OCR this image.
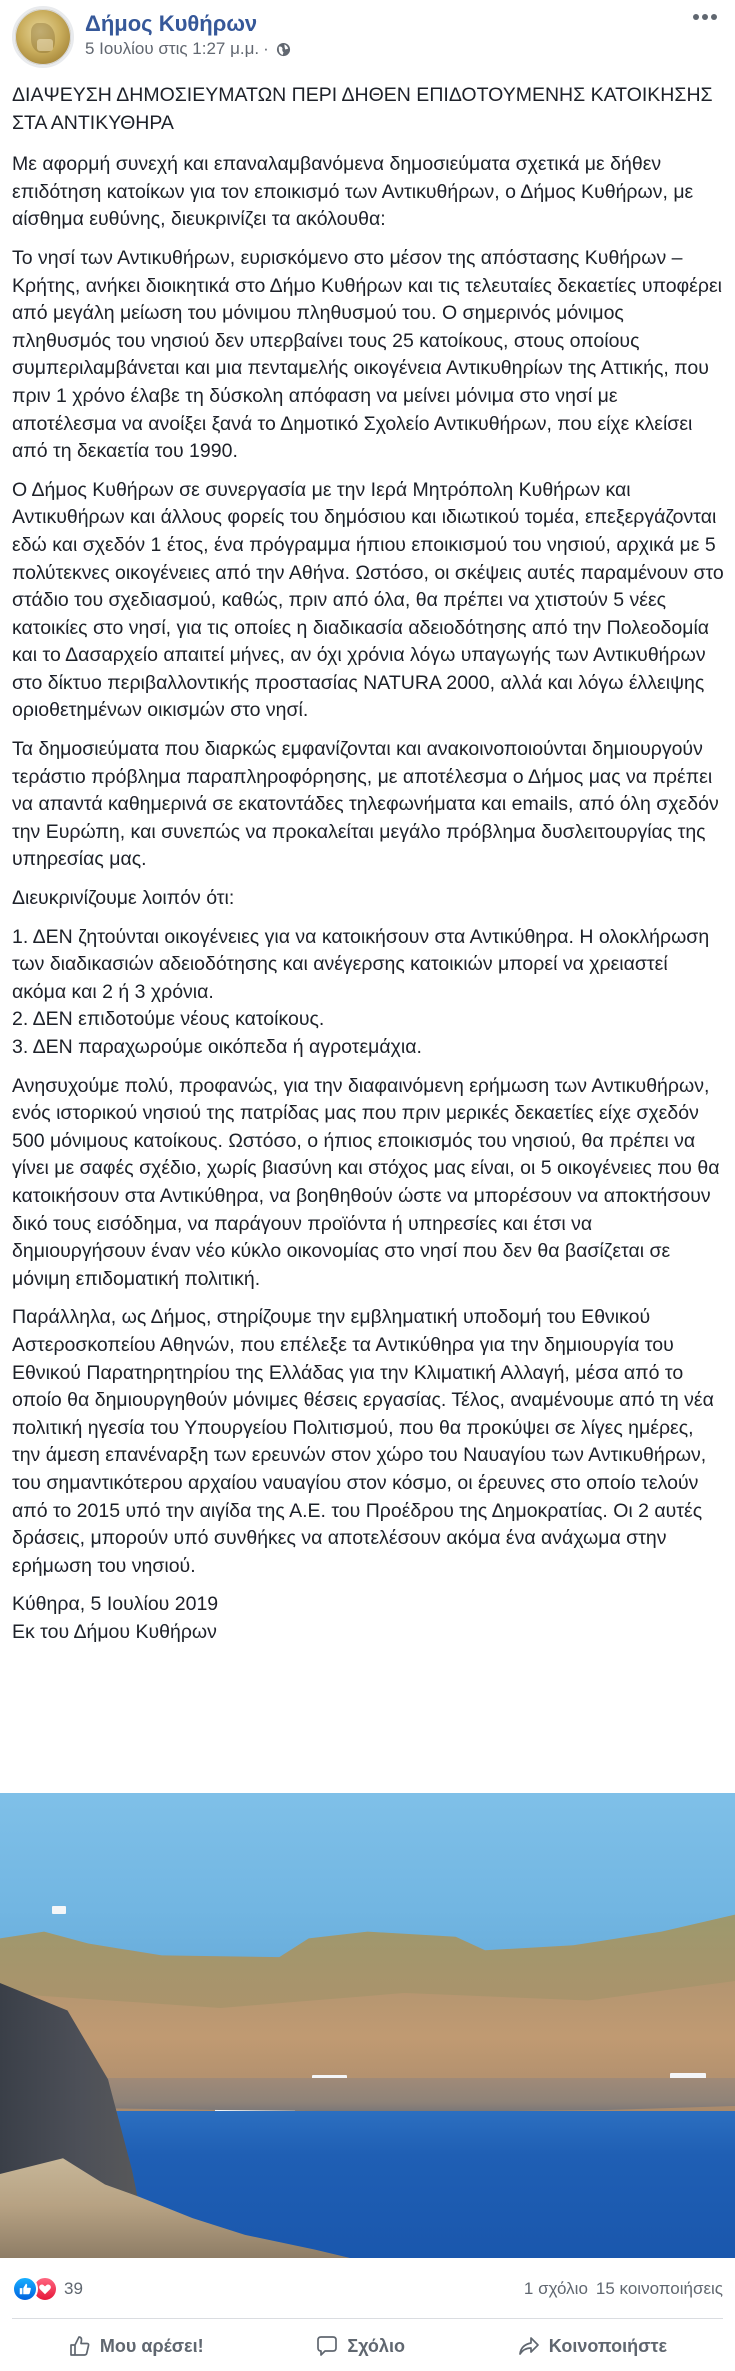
Δήμος Κυθήρων
5 Ιουλίου στις 1:27 μ.μ. ·

ΔΙΑΨΕΥΣΗ ΔΗΜΟΣΙΕΥΜΑΤΩΝ ΠΕΡΙ ΔΗΘΕΝ ΕΠΙΔΟΤΟΥΜΕΝΗΣ ΚΑΤΟΙΚΗΣΗΣ ΣΤΑ ΑΝΤΙΚΥΘΗΡΑ

Με αφορμή συνεχή και επαναλαμβανόμενα δημοσιεύματα σχετικά με δήθεν επιδότηση κατοίκων για τον εποικισμό των Αντικυθήρων, ο Δήμος Κυθήρων, με αίσθημα ευθύνης, διευκρινίζει τα ακόλουθα:

Το νησί των Αντικυθήρων, ευρισκόμενο στο μέσον της απόστασης Κυθήρων – Κρήτης, ανήκει διοικητικά στο Δήμο Κυθήρων και τις τελευταίες δεκαετίες υποφέρει από μεγάλη μείωση του μόνιμου πληθυσμού του. Ο σημερινός μόνιμος πληθυσμός του νησιού δεν υπερβαίνει τους 25 κατοίκους, στους οποίους συμπεριλαμβάνεται και μια πενταμελής οικογένεια Αντικυθηρίων της Αττικής, που πριν 1 χρόνο έλαβε τη δύσκολη απόφαση να μείνει μόνιμα στο νησί με αποτέλεσμα να ανοίξει ξανά το Δημοτικό Σχολείο Αντικυθήρων, που είχε κλείσει από τη δεκαετία του 1990.

Ο Δήμος Κυθήρων σε συνεργασία με την Ιερά Μητρόπολη Κυθήρων και Αντικυθήρων και άλλους φορείς του δημόσιου και ιδιωτικού τομέα, επεξεργάζονται εδώ και σχεδόν 1 έτος, ένα πρόγραμμα ήπιου εποικισμού του νησιού, αρχικά με 5 πολύτεκνες οικογένειες από την Αθήνα. Ωστόσο, οι σκέψεις αυτές παραμένουν στο στάδιο του σχεδιασμού, καθώς, πριν από όλα, θα πρέπει να χτιστούν 5 νέες κατοικίες στο νησί, για τις οποίες η διαδικασία αδειοδότησης από την Πολεοδομία και το Δασαρχείο απαιτεί μήνες, αν όχι χρόνια λόγω υπαγωγής των Αντικυθήρων στο δίκτυο περιβαλλοντικής προστασίας NATURA 2000, αλλά και λόγω έλλειψης οριοθετημένων οικισμών στο νησί.

Τα δημοσιεύματα που διαρκώς εμφανίζονται και ανακοινοποιούνται δημιουργούν τεράστιο πρόβλημα παραπληροφόρησης, με αποτέλεσμα ο Δήμος μας να πρέπει να απαντά καθημερινά σε εκατοντάδες τηλεφωνήματα και emails, από όλη σχεδόν την Ευρώπη, και συνεπώς να προκαλείται μεγάλο πρόβλημα δυσλειτουργίας της υπηρεσίας μας.

Διευκρινίζουμε λοιπόν ότι:

1. ΔΕΝ ζητούνται οικογένειες για να κατοικήσουν στα Αντικύθηρα. Η ολοκλήρωση των διαδικασιών αδειοδότησης και ανέγερσης κατοικιών μπορεί να χρειαστεί ακόμα και 2 ή 3 χρόνια.

2. ΔΕΝ επιδοτούμε νέους κατοίκους.

3. ΔΕΝ παραχωρούμε οικόπεδα ή αγροτεμάχια.

Ανησυχούμε πολύ, προφανώς, για την διαφαινόμενη ερήμωση των Αντικυθήρων, ενός ιστορικού νησιού της πατρίδας μας που πριν μερικές δεκαετίες είχε σχεδόν 500 μόνιμους κατοίκους. Ωστόσο, ο ήπιος εποικισμός του νησιού, θα πρέπει να γίνει με σαφές σχέδιο, χωρίς βιασύνη και στόχος μας είναι, οι 5 οικογένειες που θα κατοικήσουν στα Αντικύθηρα, να βοηθηθούν ώστε να μπορέσουν να αποκτήσουν δικό τους εισόδημα, να παράγουν προϊόντα ή υπηρεσίες και έτσι να δημιουργήσουν έναν νέο κύκλο οικονομίας στο νησί που δεν θα βασίζεται σε μόνιμη επιδοματική πολιτική.

Παράλληλα, ως Δήμος, στηρίζουμε την εμβληματική υποδομή του Εθνικού Αστεροσκοπείου Αθηνών, που επέλεξε τα Αντικύθηρα για την δημιουργία του Εθνικού Παρατηρητηρίου της Ελλάδας για την Κλιματική Αλλαγή, μέσα από το οποίο θα δημιουργηθούν μόνιμες θέσεις εργασίας. Τέλος, αναμένουμε από τη νέα πολιτική ηγεσία του Υπουργείου Πολιτισμού, που θα προκύψει σε λίγες ημέρες, την άμεση επανέναρξη των ερευνών στον χώρο του Ναυαγίου των Αντικυθήρων, του σημαντικότερου αρχαίου ναυαγίου στον κόσμο, οι έρευνες στο οποίο τελούν από το 2015 υπό την αιγίδα της Α.Ε. του Προέδρου της Δημοκρατίας. Οι 2 αυτές δράσεις, μπορούν υπό συνθήκες να αποτελέσουν ακόμα ένα ανάχωμα στην ερήμωση του νησιού.

Κύθηρα, 5 Ιουλίου 2019

Εκ του Δήμου Κυθήρων

39	1 σχόλιο 15 κοινοποιήσεις
Μου αρέσει!	Σχόλιο	Κοινοποιήστε
